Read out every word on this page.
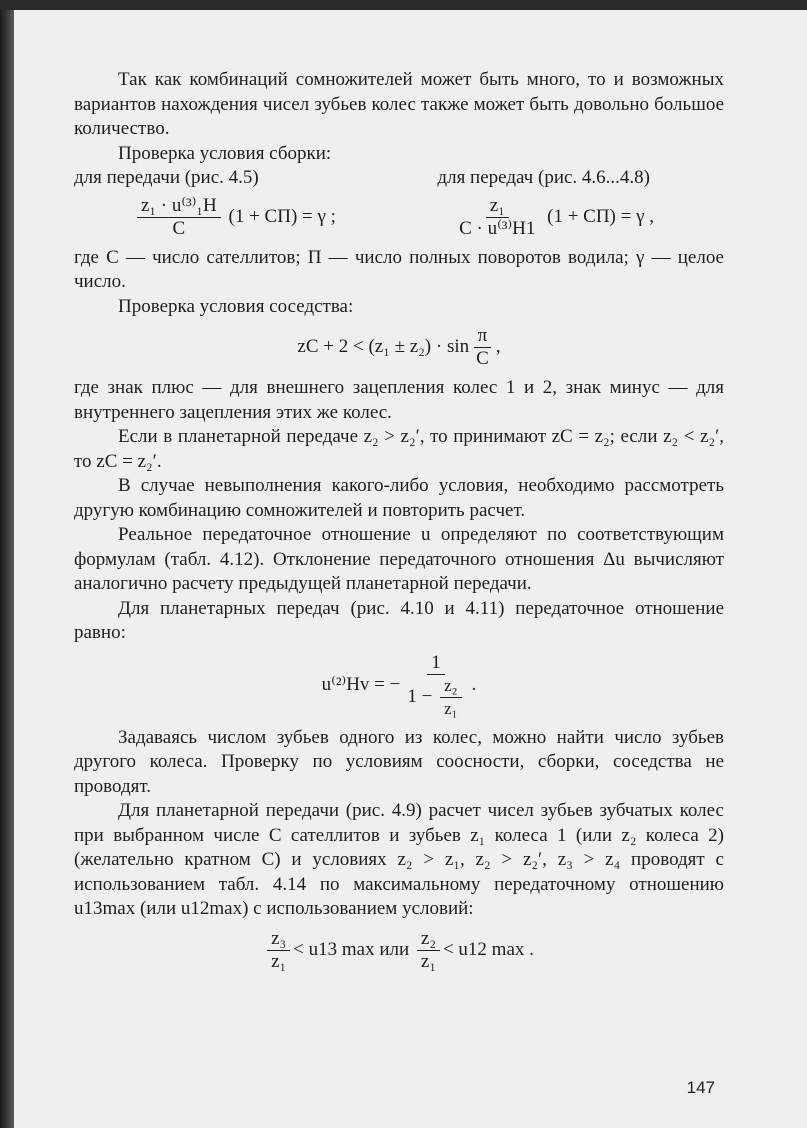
Так как комбинаций сомножителей может быть много, то и возможных вариантов нахождения чисел зубьев колес также может быть довольно большое количество.

Проверка условия сборки:

для передачи (рис. 4.5)	для передач (рис. 4.6...4.8)
$\frac{\text{z₁ · u⁽³⁾₁H}}{C} (1 + CП) = \gamma$ ;	$\frac{\text{z₁}}{\text{C · u⁽³⁾H1}} (1 + CП) = \gamma$ ,

где C — число сателлитов; П — число полных поворотов водила; γ — целое число.

Проверка условия соседства:

zC + $2 < (z_1 \pm z_2) \cdot \sin \frac{\pi}{C}$ ,

где знак плюс — для внешнего зацепления колес 1 и 2, знак минус — для внутреннего зацепления этих же колес.

Если в планетарной передаче z₂ > z₂′, то принимают zC = z₂; если z₂ < z₂′, то zC = z₂′.

В случае невыполнения какого-либо условия, необходимо рассмотреть другую комбинацию сомножителей и повторить расчет.

Реальное передаточное отношение u определяют по соответствующим формулам (табл. 4.12). Отклонение передаточного отношения Δu вычисляют аналогично расчету предыдущей планетарной передачи.

Для планетарных передач (рис. 4.10 и 4.11) передаточное отношение равно:

u⁽²⁾Hv = − $\frac{1}{1 - \frac{\text{z₂}}{\text{z₁}}}$ .

Задаваясь числом зубьев одного из колес, можно найти число зубьев другого колеса. Проверку по условиям соосности, сборки, соседства не проводят.

Для планетарной передачи (рис. 4.9) расчет чисел зубьев зубчатых колес при выбранном числе C сателлитов и зубьев z₁ колеса 1 (или z₂ колеса 2) (желательно кратном C) и условиях z₂ > z₁, z₂ > z₂′, z₃ > z₄ проводят с использованием табл. 4.14 по максимальному передаточному отношению u13max (или u12max) с использованием условий:

$\frac{\text{z₃}}{\text{z₁}} < u13$ max
или
$\frac{\text{z₂}}{\text{z₁}} < u12$ max .
147
